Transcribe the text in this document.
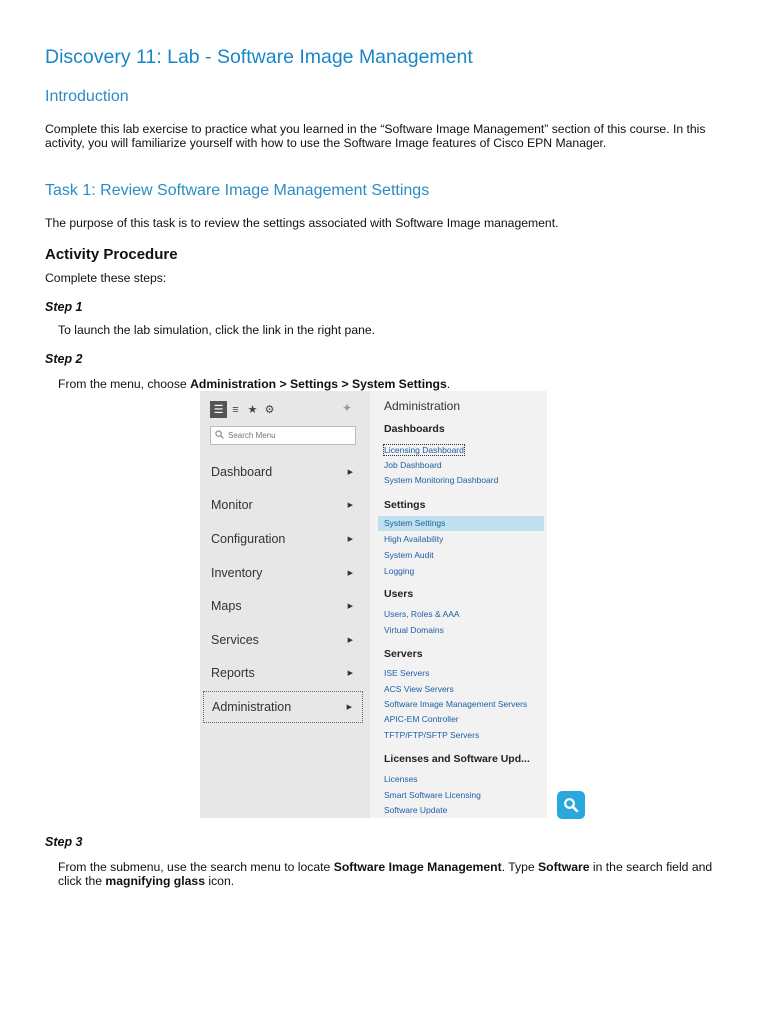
Discovery 11: Lab - Software Image Management
Introduction

Complete this lab exercise to practice what you learned in the “Software Image Management” section of this course. In this activity, you will familiarize yourself with how to use the Software Image features of Cisco EPN Manager.

Task 1: Review Software Image Management Settings

The purpose of this task is to review the settings associated with Software Image management.

Activity Procedure

Complete these steps:

Step 1

To launch the lab simulation, click the link in the right pane.

Step 2

From the menu, choose Administration > Settings > System Settings.

☰ ≡ ★ ⚙	✦
Search Menu
Dashboard	▶
Monitor	▶
Configuration	▶
Inventory	▶
Maps	▶
Services	▶
Reports	▶
Administration	▶

Administration

Dashboards

Licensing Dashboard

Job Dashboard

System Monitoring Dashboard

Settings

System Settings

High Availability

System Audit

Logging

Users

Users, Roles & AAA

Virtual Domains

Servers

ISE Servers

ACS View Servers

Software Image Management Servers

APIC-EM Controller

TFTP/FTP/SFTP Servers

Licenses and Software Upd...

Licenses

Smart Software Licensing

Software Update

Step 3

From the submenu, use the search menu to locate Software Image Management. Type Software in the search field and click the magnifying glass icon.
